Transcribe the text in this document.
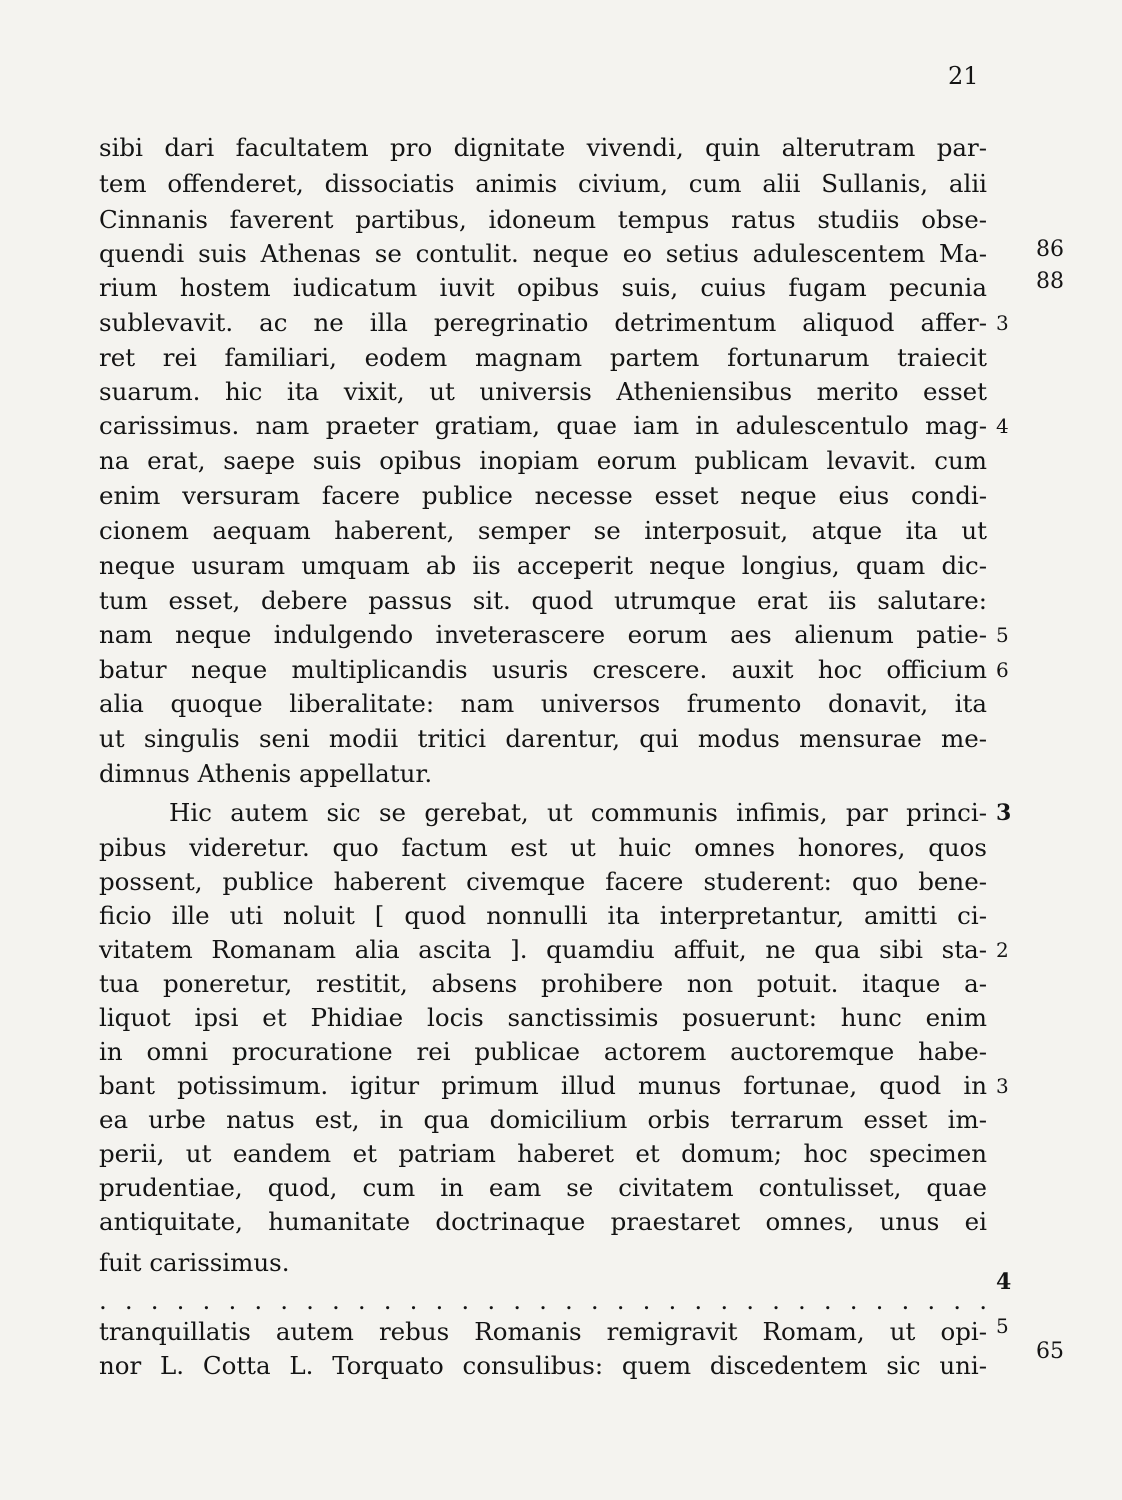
21
sibi dari facultatem pro dignitate vivendi, quin alterutram par-
tem offenderet, dissociatis animis civium, cum alii Sullanis, alii
Cinnanis faverent partibus, idoneum tempus ratus studiis obse-
quendi suis Athenas se contulit. neque eo setius adulescentem Ma-
rium hostem iudicatum iuvit opibus suis, cuius fugam pecunia
sublevavit. ac ne illa peregrinatio detrimentum aliquod affer-
ret rei familiari, eodem magnam partem fortunarum traiecit
suarum. hic ita vixit, ut universis Atheniensibus merito esset
carissimus. nam praeter gratiam, quae iam in adulescentulo mag-
na erat, saepe suis opibus inopiam eorum publicam levavit. cum
enim versuram facere publice necesse esset neque eius condi-
cionem aequam haberent, semper se interposuit, atque ita ut
neque usuram umquam ab iis acceperit neque longius, quam dic-
tum esset, debere passus sit. quod utrumque erat iis salutare:
nam neque indulgendo inveterascere eorum aes alienum patie-
batur neque multiplicandis usuris crescere. auxit hoc officium
alia quoque liberalitate: nam universos frumento donavit, ita
ut singulis seni modii tritici darentur, qui modus mensurae me-
dimnus Athenis appellatur.
Hic autem sic se gerebat, ut communis infimis, par princi-
pibus videretur. quo factum est ut huic omnes honores, quos
possent, publice haberent civemque facere studerent: quo bene-
ficio ille uti noluit [ quod nonnulli ita interpretantur, amitti ci-
vitatem Romanam alia ascita ]. quamdiu affuit, ne qua sibi sta-
tua poneretur, restitit, absens prohibere non potuit. itaque a-
liquot ipsi et Phidiae locis sanctissimis posuerunt: hunc enim
in omni procuratione rei publicae actorem auctoremque habe-
bant potissimum. igitur primum illud munus fortunae, quod in
ea urbe natus est, in qua domicilium orbis terrarum esset im-
perii, ut eandem et patriam haberet et domum; hoc specimen
prudentiae, quod, cum in eam se civitatem contulisset, quae
antiquitate, humanitate doctrinaque praestaret omnes, unus ei
fuit carissimus.
. . . . . . . . . . . . . . . . . . . . . . . . . . . . . . . . . . .
tranquillatis autem rebus Romanis remigravit Romam, ut opi-
nor L. Cotta L. Torquato consulibus: quem discedentem sic uni-
3
4
5
6
3
2
3
4
5
86
88
65
